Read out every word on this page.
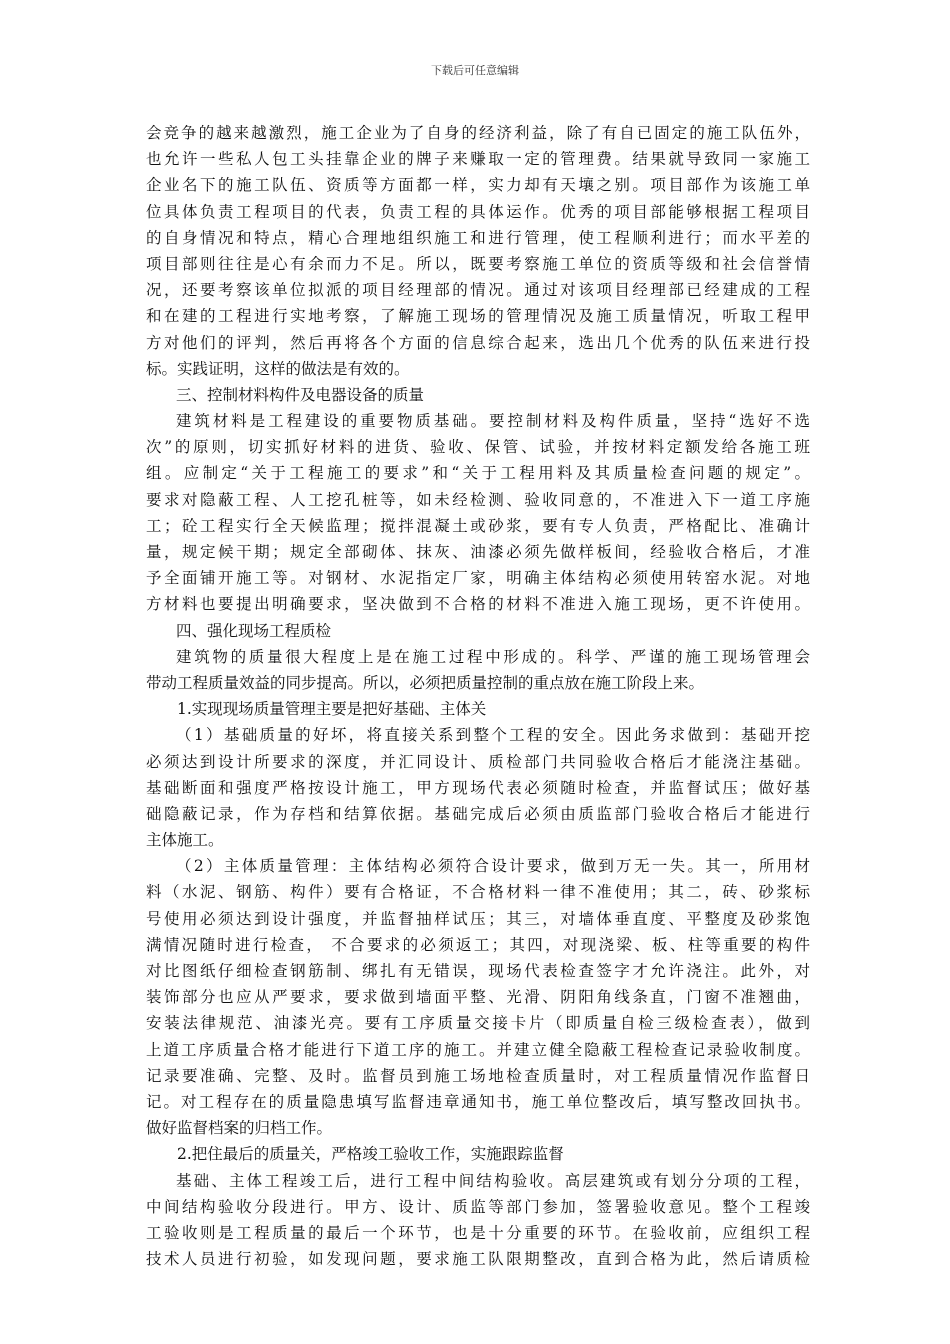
下载后可任意编辑
会竞争的越来越激烈，施工企业为了自身的经济利益，除了有自已固定的施工队伍外，
也允许一些私人包工头挂靠企业的牌子来赚取一定的管理费。结果就导致同一家施工
企业名下的施工队伍、资质等方面都一样，实力却有天壤之别。项目部作为该施工单
位具体负责工程项目的代表，负责工程的具体运作。优秀的项目部能够根据工程项目
的自身情况和特点，精心合理地组织施工和进行管理，使工程顺利进行；而水平差的
项目部则往往是心有余而力不足。所以，既要考察施工单位的资质等级和社会信誉情
况，还要考察该单位拟派的项目经理部的情况。通过对该项目经理部已经建成的工程
和在建的工程进行实地考察，了解施工现场的管理情况及施工质量情况，听取工程甲
方对他们的评判，然后再将各个方面的信息综合起来，选出几个优秀的队伍来进行投
标。实践证明，这样的做法是有效的。
三、控制材料构件及电器设备的质量
建筑材料是工程建设的重要物质基础。要控制材料及构件质量，坚持“选好不选
次”的原则，切实抓好材料的进货、验收、保管、试验，并按材料定额发给各施工班
组。应制定“关于工程施工的要求”和“关于工程用料及其质量检查问题的规定”。
要求对隐蔽工程、人工挖孔桩等，如未经检测、验收同意的，不准进入下一道工序施
工；砼工程实行全天候监理；搅拌混凝土或砂浆，要有专人负责，严格配比、准确计
量，规定候干期；规定全部砌体、抹灰、油漆必须先做样板间，经验收合格后，才准
予全面铺开施工等。对钢材、水泥指定厂家，明确主体结构必须使用转窑水泥。对地
方材料也要提出明确要求，坚决做到不合格的材料不准进入施工现场，更不许使用。
四、强化现场工程质检
建筑物的质量很大程度上是在施工过程中形成的。科学、严谨的施工现场管理会
带动工程质量效益的同步提高。所以，必须把质量控制的重点放在施工阶段上来。
1.实现现场质量管理主要是把好基础、主体关
（1）基础质量的好坏，将直接关系到整个工程的安全。因此务求做到：基础开挖
必须达到设计所要求的深度，并汇同设计、质检部门共同验收合格后才能浇注基础。
基础断面和强度严格按设计施工，甲方现场代表必须随时检查，并监督试压；做好基
础隐蔽记录，作为存档和结算依据。基础完成后必须由质监部门验收合格后才能进行
主体施工。
（2）主体质量管理：主体结构必须符合设计要求，做到万无一失。其一，所用材
料（水泥、钢筋、构件）要有合格证，不合格材料一律不准使用；其二，砖、砂浆标
号使用必须达到设计强度，并监督抽样试压；其三，对墙体垂直度、平整度及砂浆饱
满情况随时进行检查， 不合要求的必须返工；其四，对现浇梁、板、柱等重要的构件
对比图纸仔细检查钢筋制、绑扎有无错误，现场代表检查签字才允许浇注。此外，对
装饰部分也应从严要求，要求做到墙面平整、光滑、阴阳角线条直，门窗不准翘曲，
安装法律规范、油漆光亮。要有工序质量交接卡片（即质量自检三级检查表），做到
上道工序质量合格才能进行下道工序的施工。并建立健全隐蔽工程检查记录验收制度。
记录要准确、完整、及时。监督员到施工场地检查质量时，对工程质量情况作监督日
记。对工程存在的质量隐患填写监督违章通知书，施工单位整改后，填写整改回执书。
做好监督档案的归档工作。
2.把住最后的质量关，严格竣工验收工作，实施跟踪监督
基础、主体工程竣工后，进行工程中间结构验收。高层建筑或有划分分项的工程，
中间结构验收分段进行。甲方、设计、质监等部门参加，签署验收意见。整个工程竣
工验收则是工程质量的最后一个环节，也是十分重要的环节。在验收前，应组织工程
技术人员进行初验，如发现问题，要求施工队限期整改，直到合格为此，然后请质检
